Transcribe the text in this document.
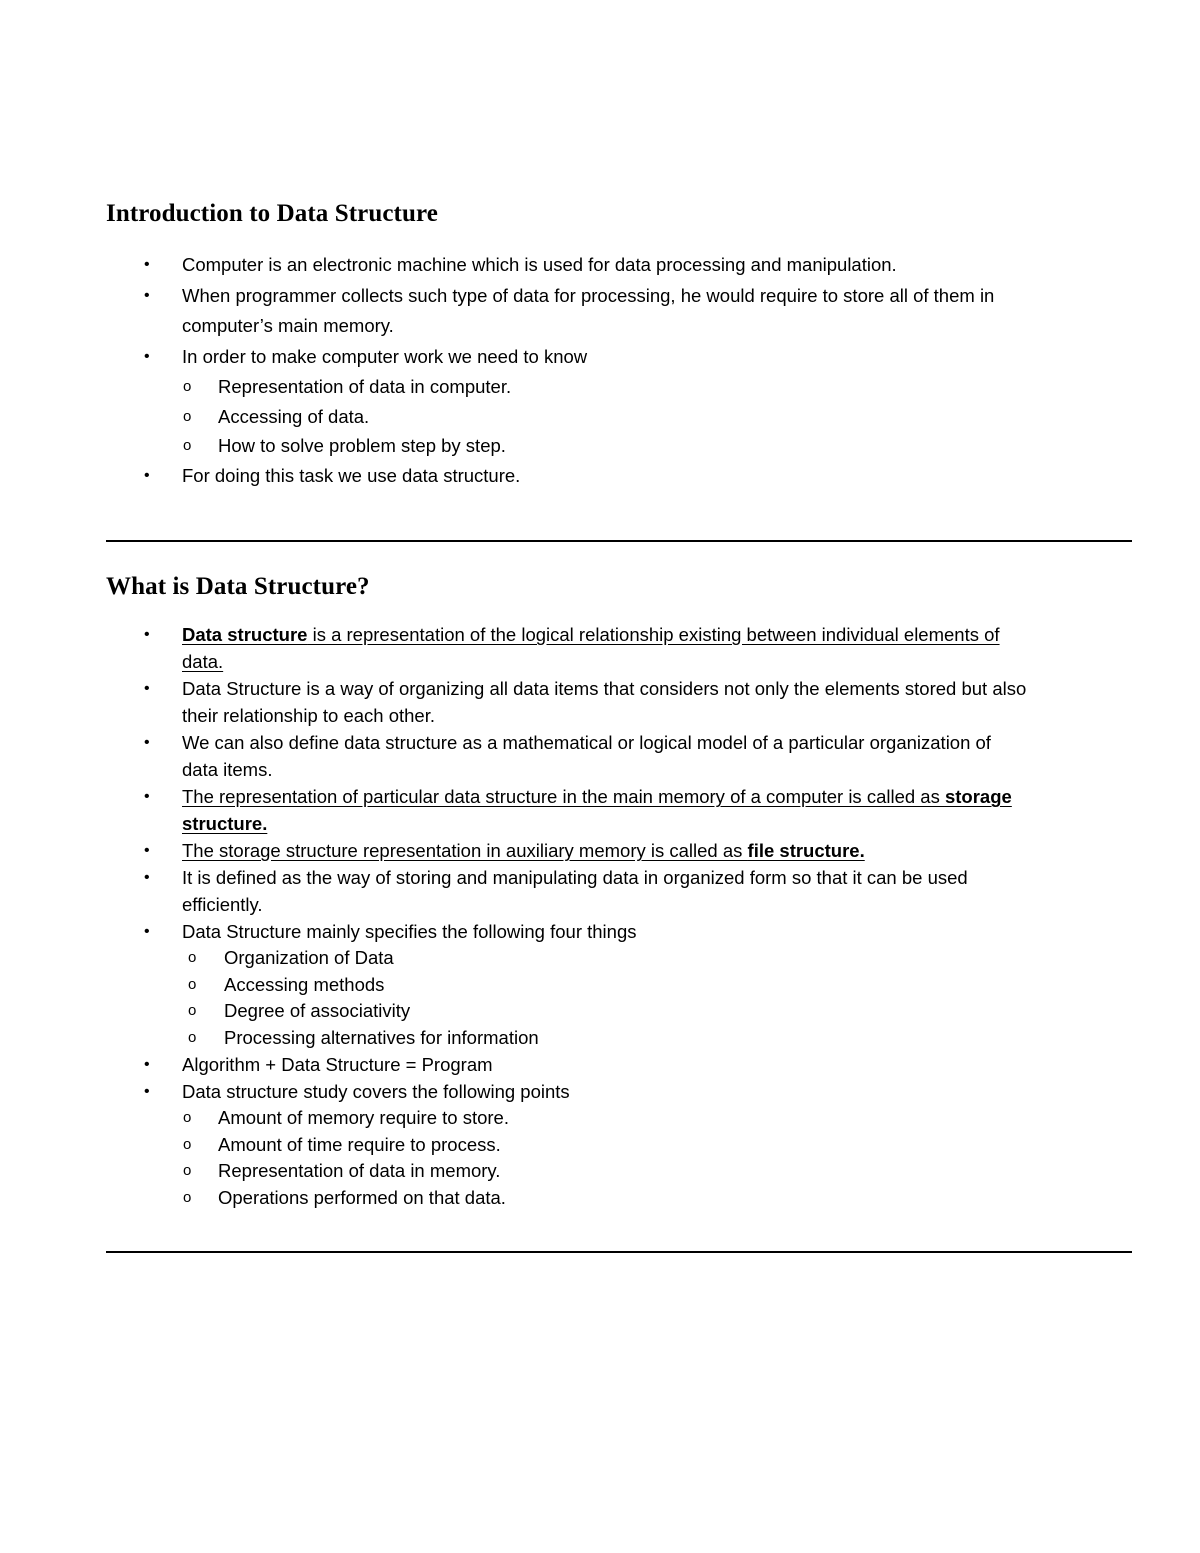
Introduction to Data Structure
• Computer is an electronic machine which is used for data processing and manipulation.
• When programmer collects such type of data for processing, he would require to store all of them in
computer’s main memory.
• In order to make computer work we need to know
o Representation of data in computer.
o Accessing of data.
o How to solve problem step by step.
• For doing this task we use data structure.
What is Data Structure?
• Data structure is a representation of the logical relationship existing between individual elements of
data.
• Data Structure is a way of organizing all data items that considers not only the elements stored but also
their relationship to each other.
• We can also define data structure as a mathematical or logical model of a particular organization of
data items.
• The representation of particular data structure in the main memory of a computer is called as storage
structure.
• The storage structure representation in auxiliary memory is called as file structure.
• It is defined as the way of storing and manipulating data in organized form so that it can be used
efficiently.
• Data Structure mainly specifies the following four things
o Organization of Data
o Accessing methods
o Degree of associativity
o Processing alternatives for information
• Algorithm + Data Structure = Program
• Data structure study covers the following points
o Amount of memory require to store.
o Amount of time require to process.
o Representation of data in memory.
o Operations performed on that data.
